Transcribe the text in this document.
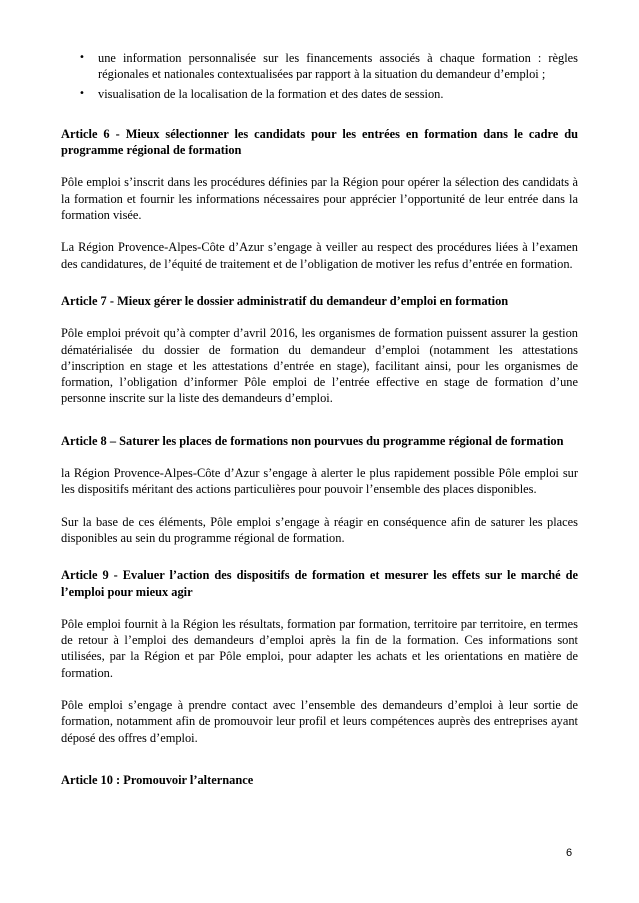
• une information personnalisée sur les financements associés à chaque formation : règles régionales et nationales contextualisées par rapport à la situation du demandeur d’emploi ;
• visualisation de la localisation de la formation et des dates de session.
Article 6 - Mieux sélectionner les candidats pour les entrées en formation dans le cadre du programme régional de formation

Pôle emploi s’inscrit dans les procédures définies par la Région pour opérer la sélection des candidats à la formation et fournir les informations nécessaires pour apprécier l’opportunité de leur entrée dans la formation visée.

La Région Provence-Alpes-Côte d’Azur s’engage à veiller au respect des procédures liées à l’examen des candidatures, de l’équité de traitement et de l’obligation de motiver les refus d’entrée en formation.

Article 7 - Mieux gérer le dossier administratif du demandeur d’emploi en formation

Pôle emploi prévoit qu’à compter d’avril 2016, les organismes de formation puissent assurer la gestion dématérialisée du dossier de formation du demandeur d’emploi (notamment les attestations d’inscription en stage et les attestations d’entrée en stage), facilitant ainsi, pour les organismes de formation, l’obligation d’informer Pôle emploi de l’entrée effective en stage de formation d’une personne inscrite sur la liste des demandeurs d’emploi.

Article 8 – Saturer les places de formations non pourvues du programme régional de formation

la Région Provence-Alpes-Côte d’Azur s’engage à alerter le plus rapidement possible Pôle emploi sur les dispositifs méritant des actions particulières pour pouvoir l’ensemble des places disponibles.

Sur la base de ces éléments, Pôle emploi s’engage à réagir en conséquence afin de saturer les places disponibles au sein du programme régional de formation.

Article 9 - Evaluer l’action des dispositifs de formation et mesurer les effets sur le marché de l’emploi pour mieux agir

Pôle emploi fournit à la Région les résultats, formation par formation, territoire par territoire, en termes de retour à l’emploi des demandeurs d’emploi après la fin de la formation. Ces informations sont utilisées, par la Région et par Pôle emploi, pour adapter les achats et les orientations en matière de formation.

Pôle emploi s’engage à prendre contact avec l’ensemble des demandeurs d’emploi à leur sortie de formation, notamment afin de promouvoir leur profil et leurs compétences auprès des entreprises ayant déposé des offres d’emploi.

Article 10 : Promouvoir l’alternance
6
